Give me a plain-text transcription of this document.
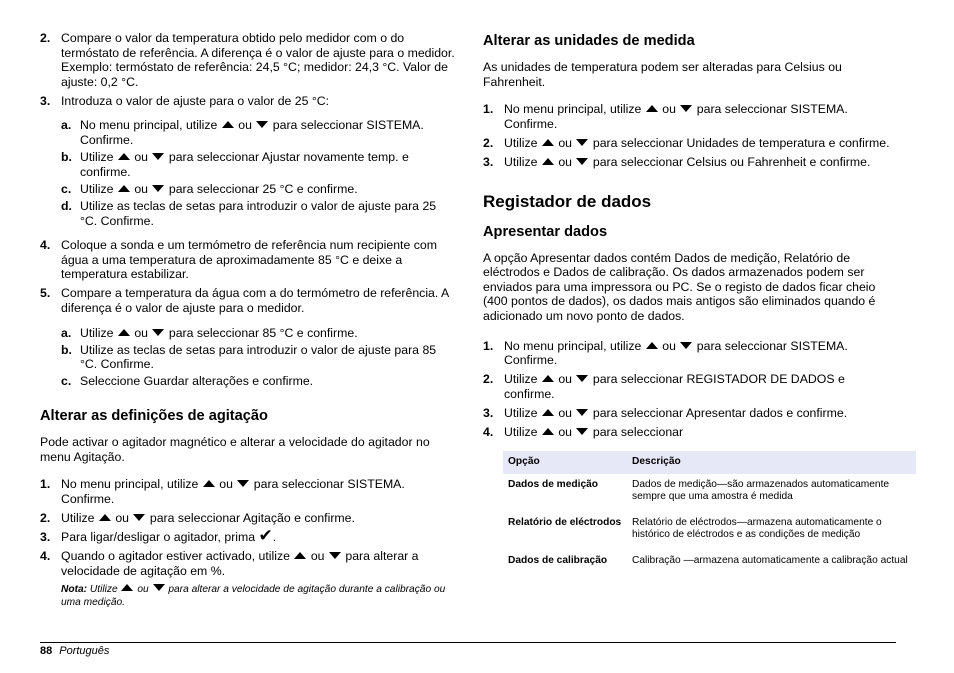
2. Compare o valor da temperatura obtido pelo medidor com o do termóstato de referência. A diferença é o valor de ajuste para o medidor.

Exemplo: termóstato de referência: 24,5 °C; medidor: 24,3 °C. Valor de ajuste: 0,2 °C.

3. Introduza o valor de ajuste para o valor de 25 °C:

a. No menu principal, utilize ou para seleccionar SISTEMA. Confirme.
b. Utilize ou para seleccionar Ajustar novamente temp. e confirme.
c. Utilize ou para seleccionar 25 °C e confirme.
d. Utilize as teclas de setas para introduzir o valor de ajuste para 25 °C. Confirme.
4. Coloque a sonda e um termómetro de referência num recipiente com água a uma temperatura de aproximadamente 85 °C e deixe a temperatura estabilizar.

5. Compare a temperatura da água com a do termómetro de referência. A diferença é o valor de ajuste para o medidor.

a. Utilize ou para seleccionar 85 °C e confirme.
b. Utilize as teclas de setas para introduzir o valor de ajuste para 85 °C. Confirme.
c. Seleccione Guardar alterações e confirme.
Alterar as definições de agitação

Pode activar o agitador magnético e alterar a velocidade do agitador no menu Agitação.

1. No menu principal, utilize ou para seleccionar SISTEMA. Confirme.
2. Utilize ou para seleccionar Agitação e confirme.
3. Para ligar/desligar o agitador, prima ✔.
4. Quando o agitador estiver activado, utilize ou para alterar a velocidade de agitação em %.

Nota: Utilize ou para alterar a velocidade de agitação durante a calibração ou uma medição.

Alterar as unidades de medida

As unidades de temperatura podem ser alteradas para Celsius ou Fahrenheit.

1. No menu principal, utilize ou para seleccionar SISTEMA. Confirme.
2. Utilize ou para seleccionar Unidades de temperatura e confirme.
3. Utilize ou para seleccionar Celsius ou Fahrenheit e confirme.
Registador de dados
Apresentar dados

A opção Apresentar dados contém Dados de medição, Relatório de eléctrodos e Dados de calibração. Os dados armazenados podem ser enviados para uma impressora ou PC. Se o registo de dados ficar cheio (400 pontos de dados), os dados mais antigos são eliminados quando é adicionado um novo ponto de dados.

1. No menu principal, utilize ou para seleccionar SISTEMA. Confirme.
2. Utilize ou para seleccionar REGISTADOR DE DADOS e confirme.
3. Utilize ou para seleccionar Apresentar dados e confirme.
4. Utilize ou para seleccionar
Opção	Descrição
Dados de medição	Dados de medição—são armazenados automaticamente sempre que uma amostra é medida
Relatório de eléctrodos	Relatório de eléctrodos—armazena automaticamente o histórico de eléctrodos e as condições de medição
Dados de calibração	Calibração —armazena automaticamente a calibração actual
88 Português
